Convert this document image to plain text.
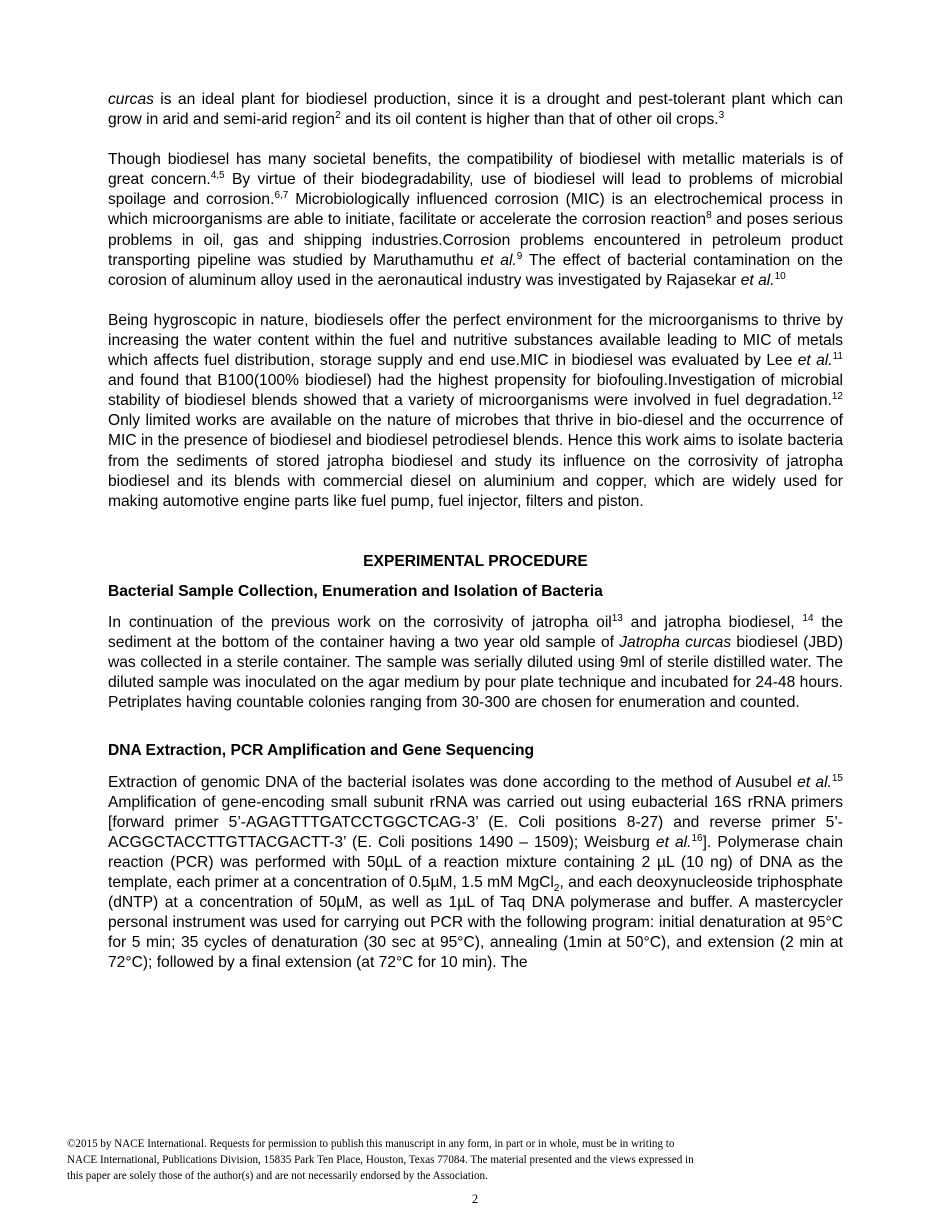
curcas is an ideal plant for biodiesel production, since it is a drought and pest-tolerant plant which can grow in arid and semi-arid region$^2$ and its oil content is higher than that of other oil crops.$^3$

Though biodiesel has many societal benefits, the compatibility of biodiesel with metallic materials is of great concern.$^{4,5}$ By virtue of their biodegradability, use of biodiesel will lead to problems of microbial spoilage and corrosion.$^{6,7}$ Microbiologically influenced corrosion (MIC) is an electrochemical process in which microorganisms are able to initiate, facilitate or accelerate the corrosion reaction$^8$ and poses serious problems in oil, gas and shipping industries.Corrosion problems encountered in petroleum product transporting pipeline was studied by Maruthamuthu et al.$^9$ The effect of bacterial contamination on the corosion of aluminum alloy used in the aeronautical industry was investigated by Rajasekar et al.$^{10}$

Being hygroscopic in nature, biodiesels offer the perfect environment for the microorganisms to thrive by increasing the water content within the fuel and nutritive substances available leading to MIC of metals which affects fuel distribution, storage supply and end use.MIC in biodiesel was evaluated by Lee et al.$^{11}$ and found that B100(100% biodiesel) had the highest propensity for biofouling.Investigation of microbial stability of biodiesel blends showed that a variety of microorganisms were involved in fuel degradation.$^{12}$ Only limited works are available on the nature of microbes that thrive in bio-diesel and the occurrence of MIC in the presence of biodiesel and biodiesel petrodiesel blends. Hence this work aims to isolate bacteria from the sediments of stored jatropha biodiesel and study its influence on the corrosivity of jatropha biodiesel and its blends with commercial diesel on aluminium and copper, which are widely used for making automotive engine parts like fuel pump, fuel injector, filters and piston.

EXPERIMENTAL PROCEDURE

Bacterial Sample Collection, Enumeration and Isolation of Bacteria

In continuation of the previous work on the corrosivity of jatropha oil$^{13}$ and jatropha biodiesel, $^{14}$ the sediment at the bottom of the container having a two year old sample of Jatropha curcas biodiesel (JBD) was collected in a sterile container. The sample was serially diluted using 9ml of sterile distilled water. The diluted sample was inoculated on the agar medium by pour plate technique and incubated for 24-48 hours. Petriplates having countable colonies ranging from 30-300 are chosen for enumeration and counted.

DNA Extraction, PCR Amplification and Gene Sequencing

Extraction of genomic DNA of the bacterial isolates was done according to the method of Ausubel et al.$^{15}$ Amplification of gene-encoding small subunit rRNA was carried out using eubacterial 16S rRNA primers [forward primer 5’-AGAGTTTGATCCTGGCTCAG-3’ (E. Coli positions 8-27) and reverse primer 5’-ACGGCTACCTTGTTACGACTT-3’ (E. Coli positions 1490 – 1509); Weisburg et al.$^{16}$]. Polymerase chain reaction (PCR) was performed with 50µL of a reaction mixture containing 2 µL (10 ng) of DNA as the template, each primer at a concentration of 0.5µM, 1.5 mM MgCl$_2$, and each deoxynucleoside triphosphate (dNTP) at a concentration of 50µM, as well as 1µL of Taq DNA polymerase and buffer. A mastercycler personal instrument was used for carrying out PCR with the following program: initial denaturation at 95°C for 5 min; 35 cycles of denaturation (30 sec at 95°C), annealing (1min at 50°C), and extension (2 min at 72°C); followed by a final extension (at 72°C for 10 min). The

©2015 by NACE International. Requests for permission to publish this manuscript in any form, in part or in whole, must be in writing to
NACE International, Publications Division, 15835 Park Ten Place, Houston, Texas 77084. The material presented and the views expressed in
this paper are solely those of the author(s) and are not necessarily endorsed by the Association.
2
